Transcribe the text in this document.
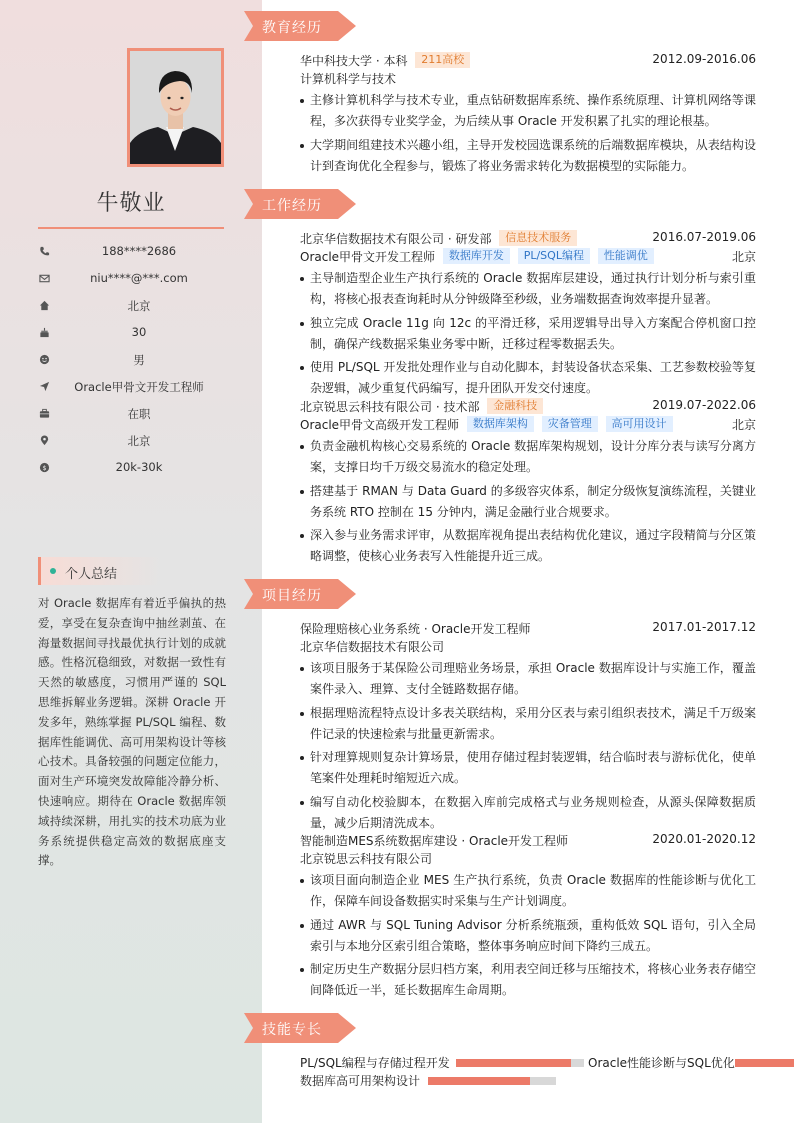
牛敬业
188****2686
niu****@***.com
北京
30
男
Oracle甲骨文开发工程师
在职
北京
$	20k-30k
个人总结
对 Oracle 数据库有着近乎偏执的热爱，享受在复杂查询中抽丝剥茧、在海量数据间寻找最优执行计划的成就感。性格沉稳细致，对数据一致性有天然的敏感度，习惯用严谨的 SQL 思维拆解业务逻辑。深耕 Oracle 开发多年，熟练掌握 PL/SQL 编程、数据库性能调优、高可用架构设计等核心技术。具备较强的问题定位能力，面对生产环境突发故障能冷静分析、快速响应。期待在 Oracle 数据库领域持续深耕，用扎实的技术功底为业务系统提供稳定高效的数据底座支撑。
教育经历
工作经历
项目经历
技能专长
华中科技大学 · 本科 211高校	2012.09-2016.06
计算机科学与技术
主修计算机科学与技术专业，重点钻研数据库系统、操作系统原理、计算机网络等课程，多次获得专业奖学金，为后续从事 Oracle 开发积累了扎实的理论根基。
大学期间组建技术兴趣小组，主导开发校园选课系统的后端数据库模块，从表结构设计到查询优化全程参与，锻炼了将业务需求转化为数据模型的实际能力。
北京华信数据技术有限公司 · 研发部 信息技术服务	2016.07-2019.06
Oracle甲骨文开发工程师 数据库开发 PL/SQL编程 性能调优	北京
主导制造型企业生产执行系统的 Oracle 数据库层建设，通过执行计划分析与索引重构，将核心报表查询耗时从分钟级降至秒级，业务端数据查询效率提升显著。
独立完成 Oracle 11g 向 12c 的平滑迁移，采用逻辑导出导入方案配合停机窗口控制，确保产线数据采集业务零中断，迁移过程零数据丢失。
使用 PL/SQL 开发批处理作业与自动化脚本，封装设备状态采集、工艺参数校验等复杂逻辑，减少重复代码编写，提升团队开发交付速度。
北京锐思云科技有限公司 · 技术部 金融科技	2019.07-2022.06
Oracle甲骨文高级开发工程师 数据库架构 灾备管理 高可用设计	北京
负责金融机构核心交易系统的 Oracle 数据库架构规划，设计分库分表与读写分离方案，支撑日均千万级交易流水的稳定处理。
搭建基于 RMAN 与 Data Guard 的多级容灾体系，制定分级恢复演练流程，关键业务系统 RTO 控制在 15 分钟内，满足金融行业合规要求。
深入参与业务需求评审，从数据库视角提出表结构优化建议，通过字段精简与分区策略调整，使核心业务表写入性能提升近三成。
保险理赔核心业务系统 · Oracle开发工程师	2017.01-2017.12
北京华信数据技术有限公司
该项目服务于某保险公司理赔业务场景，承担 Oracle 数据库设计与实施工作，覆盖案件录入、理算、支付全链路数据存储。
根据理赔流程特点设计多表关联结构，采用分区表与索引组织表技术，满足千万级案件记录的快速检索与批量更新需求。
针对理算规则复杂计算场景，使用存储过程封装逻辑，结合临时表与游标优化，使单笔案件处理耗时缩短近六成。
编写自动化校验脚本，在数据入库前完成格式与业务规则检查，从源头保障数据质量，减少后期清洗成本。
智能制造MES系统数据库建设 · Oracle开发工程师	2020.01-2020.12
北京锐思云科技有限公司
该项目面向制造企业 MES 生产执行系统，负责 Oracle 数据库的性能诊断与优化工作，保障车间设备数据实时采集与生产计划调度。
通过 AWR 与 SQL Tuning Advisor 分析系统瓶颈，重构低效 SQL 语句，引入全局索引与本地分区索引组合策略，整体事务响应时间下降约三成五。
制定历史生产数据分层归档方案，利用表空间迁移与压缩技术，将核心业务表存储空间降低近一半，延长数据库生命周期。
PL/SQL编程与存储过程开发	Oracle性能诊断与SQL优化
数据库高可用架构设计
